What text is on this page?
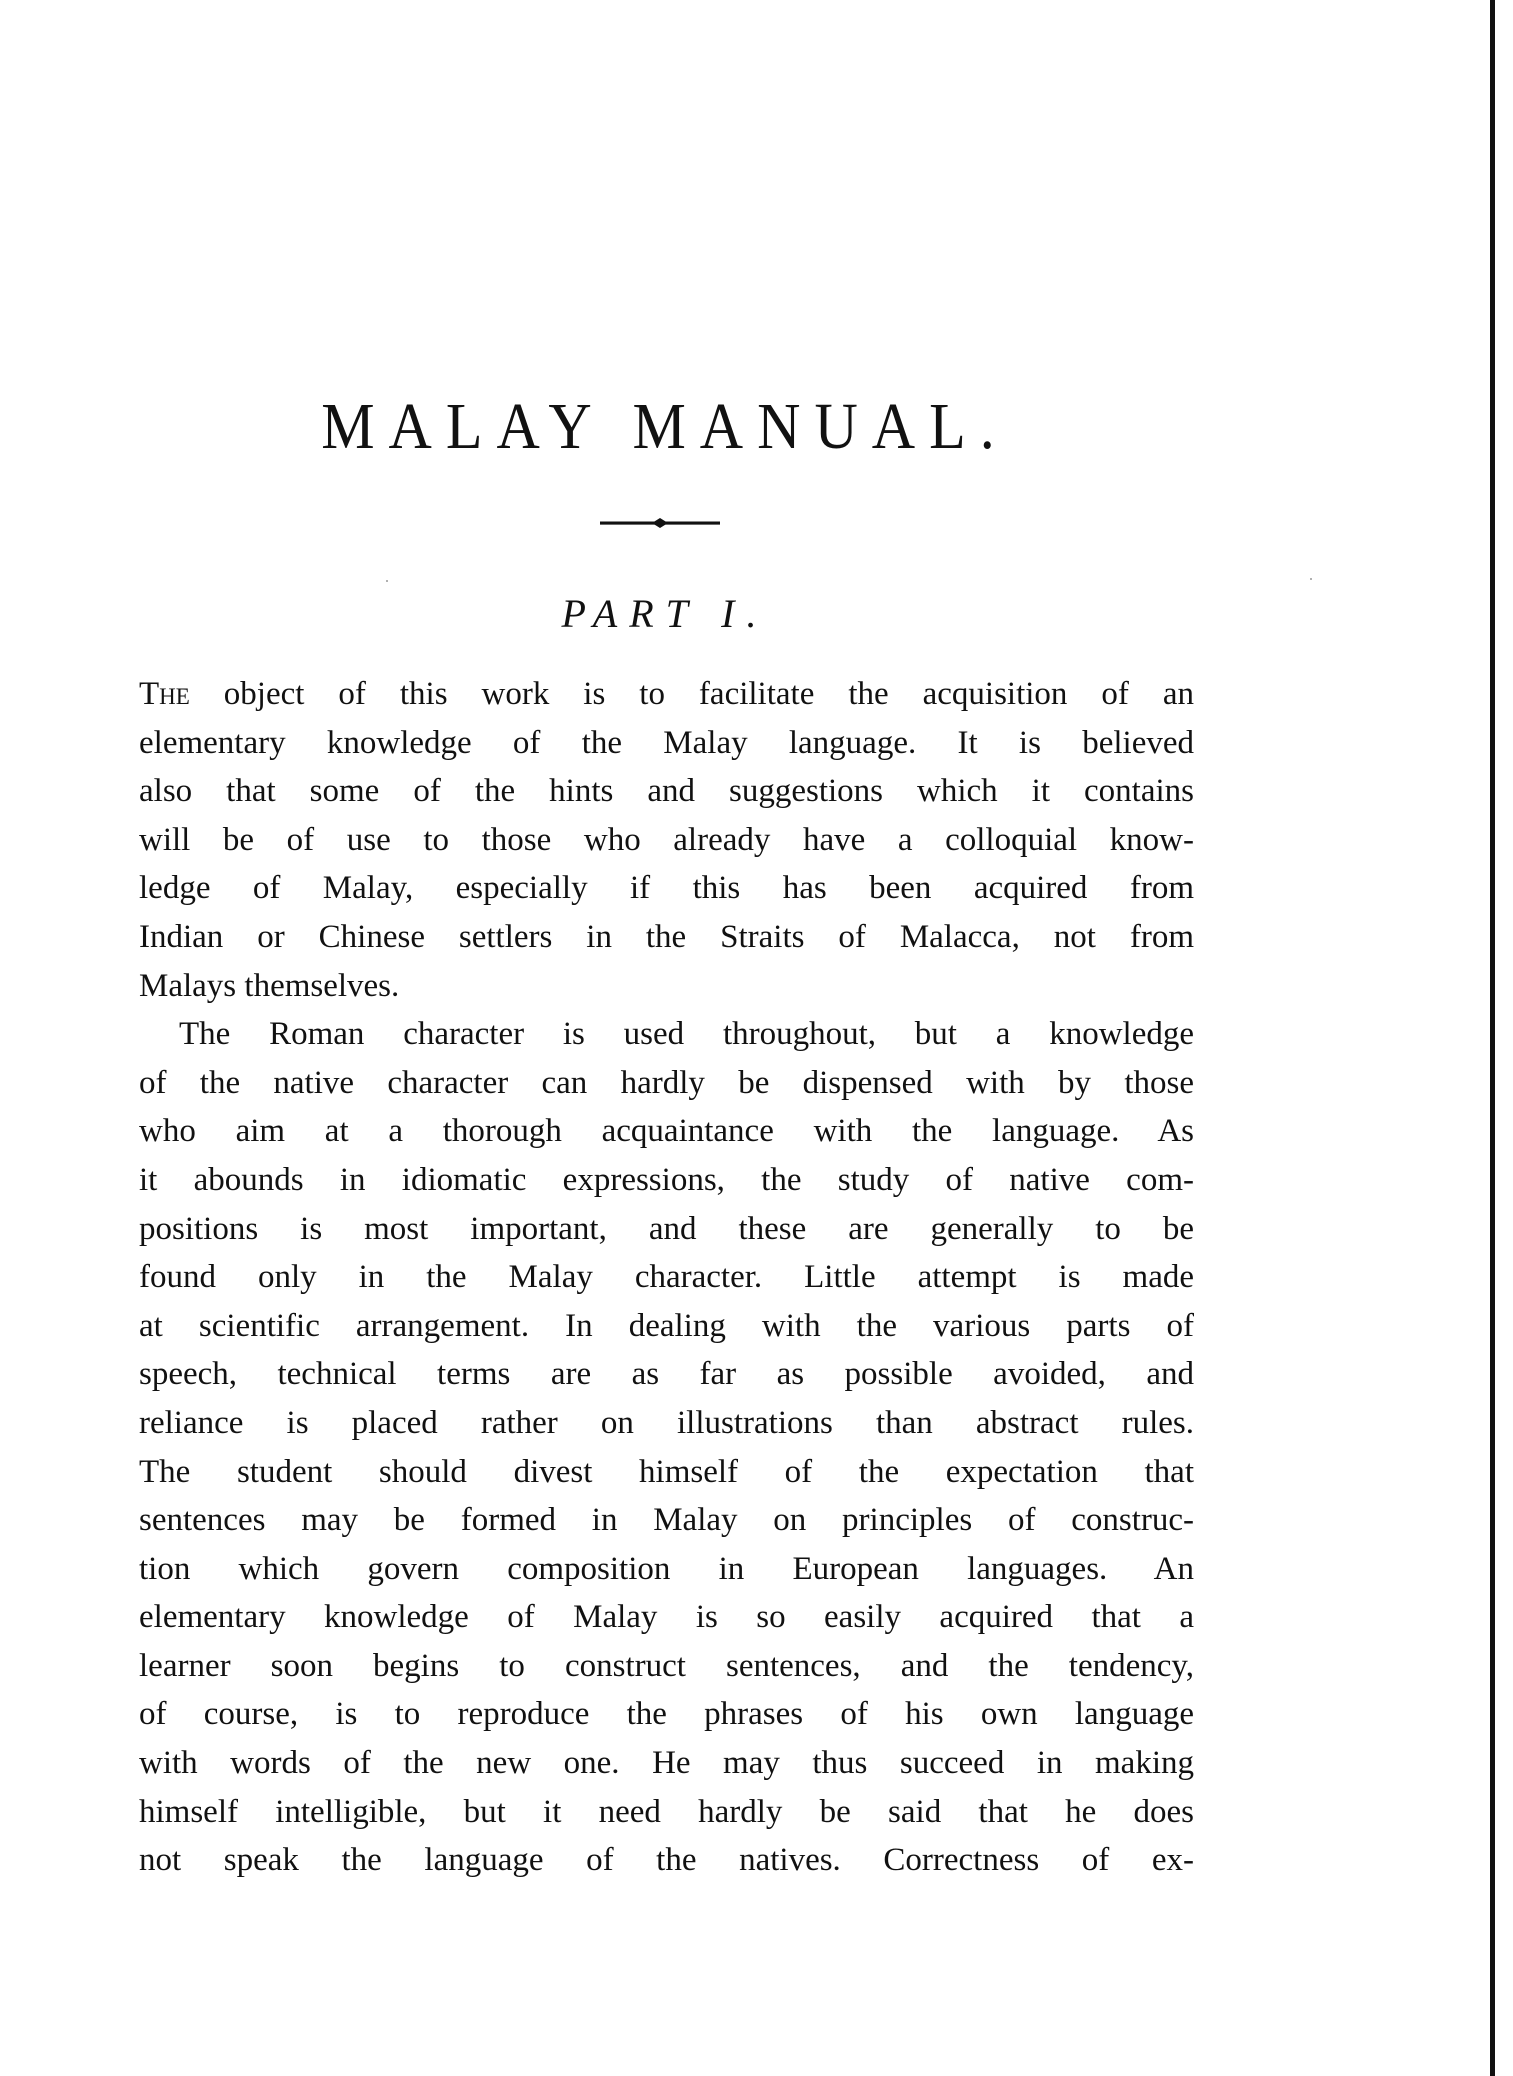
MALAY MANUAL.
PART I.
The object of this work is to facilitate the acquisition of an
elementary knowledge of the Malay language. It is believed
also that some of the hints and suggestions which it contains
will be of use to those who already have a colloquial know-
ledge of Malay, especially if this has been acquired from
Indian or Chinese settlers in the Straits of Malacca, not from
Malays themselves.
The Roman character is used throughout, but a knowledge
of the native character can hardly be dispensed with by those
who aim at a thorough acquaintance with the language. As
it abounds in idiomatic expressions, the study of native com-
positions is most important, and these are generally to be
found only in the Malay character. Little attempt is made
at scientific arrangement. In dealing with the various parts of
speech, technical terms are as far as possible avoided, and
reliance is placed rather on illustrations than abstract rules.
The student should divest himself of the expectation that
sentences may be formed in Malay on principles of construc-
tion which govern composition in European languages. An
elementary knowledge of Malay is so easily acquired that a
learner soon begins to construct sentences, and the tendency,
of course, is to reproduce the phrases of his own language
with words of the new one. He may thus succeed in making
himself intelligible, but it need hardly be said that he does
not speak the language of the natives. Correctness of ex-
